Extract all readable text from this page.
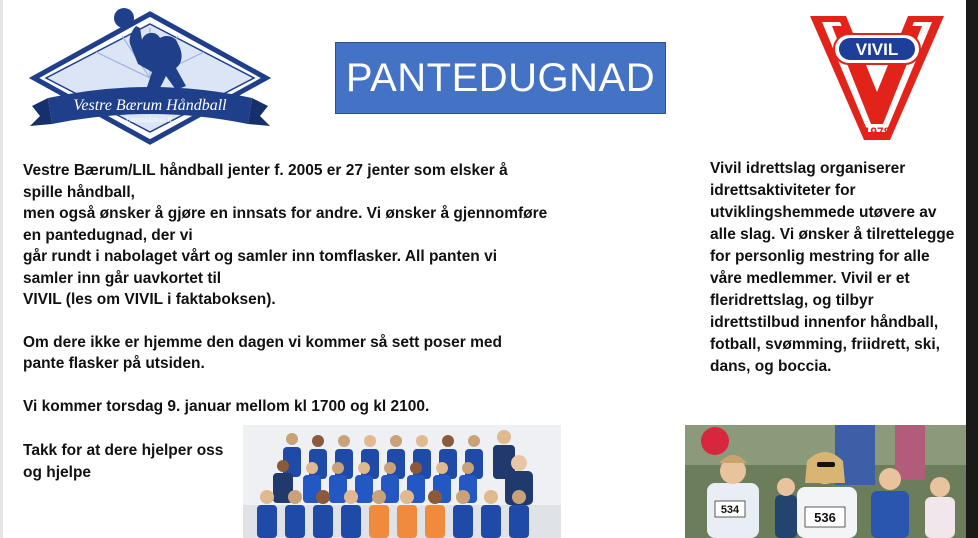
Vestre Bærum Håndball
Lommedalens IL
PANTEDUGNAD
VIVIL
1978

Vestre Bærum/LIL håndball jenter f. 2005 er 27 jenter som elsker å

spille håndball,

men også ønsker å gjøre en innsats for andre. Vi ønsker å gjennomføre

en pantedugnad, der vi

går rundt i nabolaget vårt og samler inn tomflasker. All panten vi

samler inn går uavkortet til

VIVIL (les om VIVIL i faktaboksen).

Om dere ikke er hjemme den dagen vi kommer så sett poser med

pante flasker på utsiden.

Vi kommer torsdag 9. januar mellom kl 1700 og kl 2100.

Takk for at dere hjelper oss
og hjelpe
Vivil idrettslag organiserer
idrettsaktiviteter for
utviklingshemmede utøvere av
alle slag. Vi ønsker å tilrettelegge
for personlig mestring for alle
våre medlemmer. Vivil er et
fleridrettslag, og tilbyr
idrettstilbud innenfor håndball,
fotball, svømming, friidrett, ski,
dans, og boccia.
534	536
